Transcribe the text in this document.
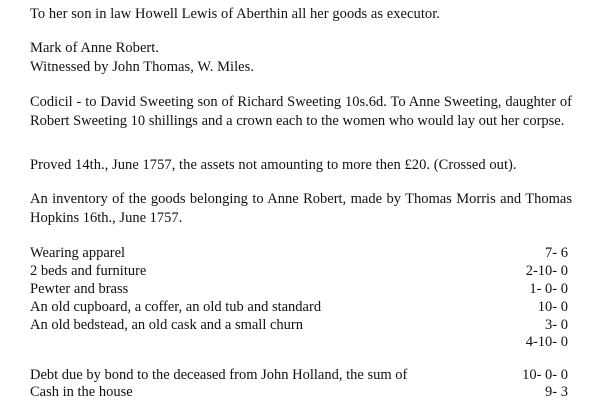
To her son in law Howell Lewis of Aberthin all her goods as executor.
Mark of Anne Robert.
Witnessed by John Thomas, W. Miles.
Codicil - to David Sweeting son of Richard Sweeting 10s.6d. To Anne Sweeting, daughter of Robert Sweeting 10 shillings and a crown each to the women who would lay out her corpse.
Proved 14th., June 1757, the assets not amounting to more then £20. (Crossed out).
An inventory of the goods belonging to Anne Robert, made by Thomas Morris and Thomas Hopkins 16th., June 1757.
Wearing apparel	7- 6
2 beds and furniture	2-10- 0
Pewter and brass	1- 0- 0
An old cupboard, a coffer, an old tub and standard	10- 0
An old bedstead, an old cask and a small churn	3- 0
4-10- 0
Debt due by bond to the deceased from John Holland, the sum of	10- 0- 0
Cash in the house	9- 3
